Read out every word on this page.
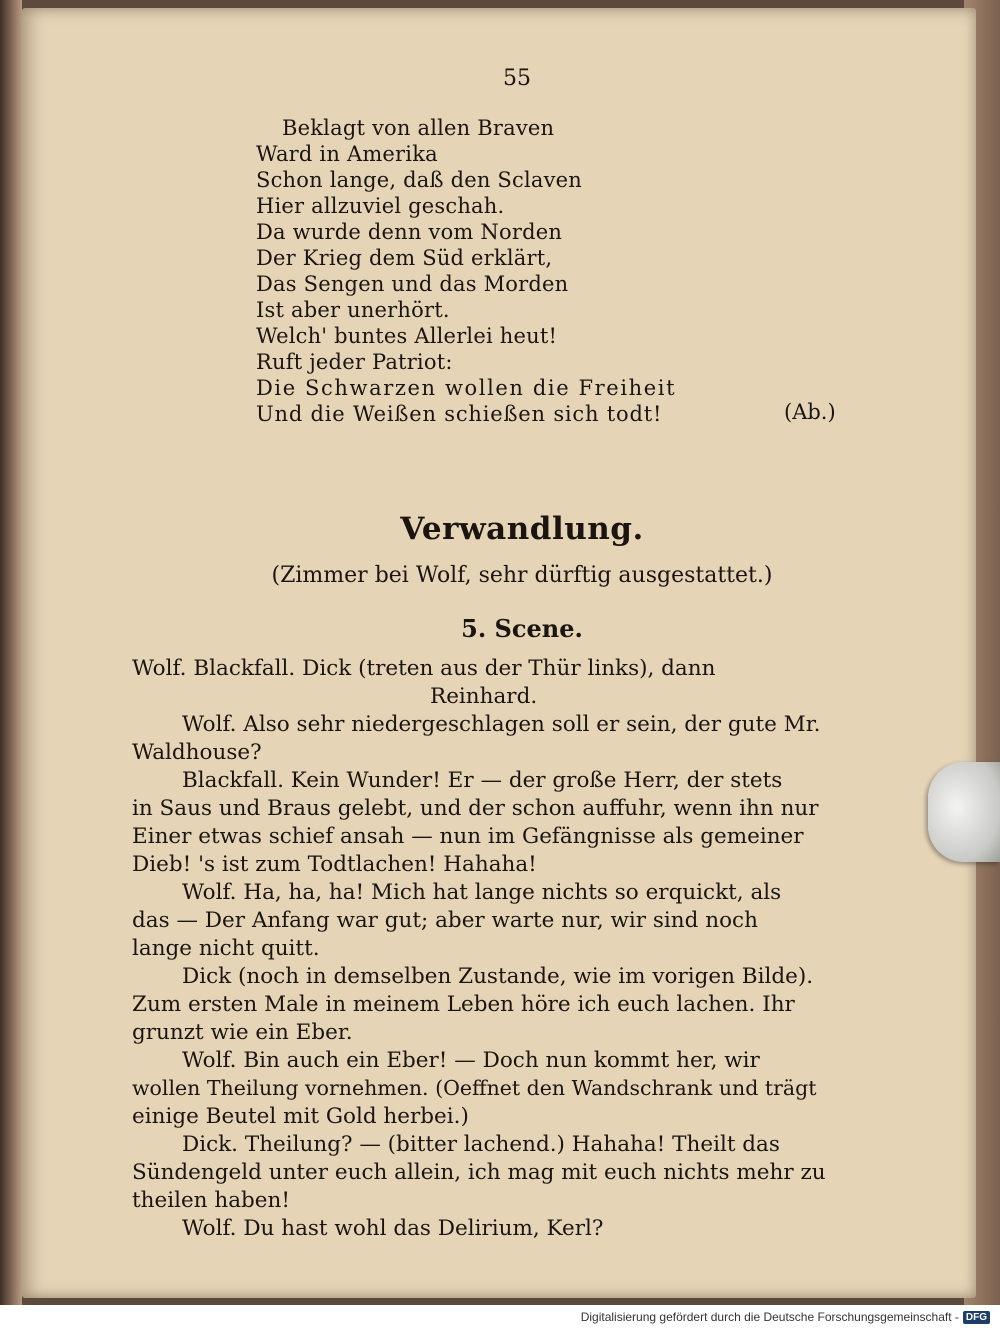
55
Beklagt von allen Braven
Ward in Amerika
Schon lange, daß den Sclaven
Hier allzuviel geschah.
Da wurde denn vom Norden
Der Krieg dem Süd erklärt,
Das Sengen und das Morden
Ist aber unerhört.
Welch' buntes Allerlei heut!
Ruft jeder Patriot:
Die Schwarzen wollen die Freiheit
Und die Weißen schießen sich todt!	(Ab.)
Verwandlung.
(Zimmer bei Wolf, sehr dürftig ausgestattet.)
5. Scene.
Wolf. Blackfall. Dick (treten aus der Thür links), dann
Reinhard.
Wolf. Also sehr niedergeschlagen soll er sein, der gute Mr.
Waldhouse?
Blackfall. Kein Wunder! Er — der große Herr, der stets
in Saus und Braus gelebt, und der schon auffuhr, wenn ihn nur
Einer etwas schief ansah — nun im Gefängnisse als gemeiner
Dieb! 's ist zum Todtlachen! Hahaha!
Wolf. Ha, ha, ha! Mich hat lange nichts so erquickt, als
das — Der Anfang war gut; aber warte nur, wir sind noch
lange nicht quitt.
Dick (noch in demselben Zustande, wie im vorigen Bilde).
Zum ersten Male in meinem Leben höre ich euch lachen. Ihr
grunzt wie ein Eber.
Wolf. Bin auch ein Eber! — Doch nun kommt her, wir
wollen Theilung vornehmen. (Oeffnet den Wandschrank und trägt
einige Beutel mit Gold herbei.)
Dick. Theilung? — (bitter lachend.) Hahaha! Theilt das
Sündengeld unter euch allein, ich mag mit euch nichts mehr zu
theilen haben!
Wolf. Du hast wohl das Delirium, Kerl?
Digitalisierung gefördert durch die Deutsche Forschungsgemeinschaft - DFG
